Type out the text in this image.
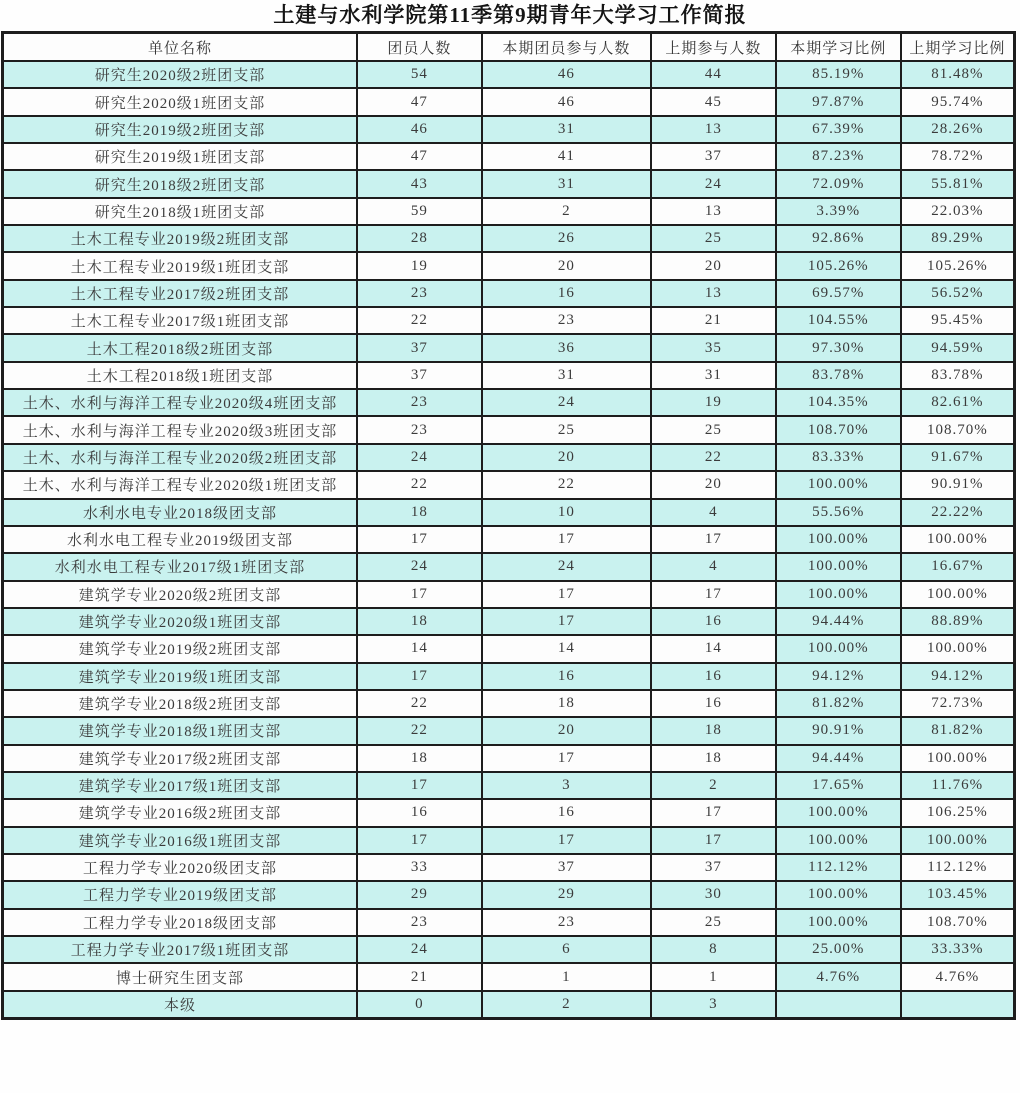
土建与水利学院第11季第9期青年大学习工作简报
单位名称	团员人数	本期团员参与人数	上期参与人数	本期学习比例	上期学习比例
研究生2020级2班团支部	54	46	44	85.19%	81.48%
研究生2020级1班团支部	47	46	45	97.87%	95.74%
研究生2019级2班团支部	46	31	13	67.39%	28.26%
研究生2019级1班团支部	47	41	37	87.23%	78.72%
研究生2018级2班团支部	43	31	24	72.09%	55.81%
研究生2018级1班团支部	59	2	13	3.39%	22.03%
土木工程专业2019级2班团支部	28	26	25	92.86%	89.29%
土木工程专业2019级1班团支部	19	20	20	105.26%	105.26%
土木工程专业2017级2班团支部	23	16	13	69.57%	56.52%
土木工程专业2017级1班团支部	22	23	21	104.55%	95.45%
土木工程2018级2班团支部	37	36	35	97.30%	94.59%
土木工程2018级1班团支部	37	31	31	83.78%	83.78%
土木、水利与海洋工程专业2020级4班团支部	23	24	19	104.35%	82.61%
土木、水利与海洋工程专业2020级3班团支部	23	25	25	108.70%	108.70%
土木、水利与海洋工程专业2020级2班团支部	24	20	22	83.33%	91.67%
土木、水利与海洋工程专业2020级1班团支部	22	22	20	100.00%	90.91%
水利水电专业2018级团支部	18	10	4	55.56%	22.22%
水利水电工程专业2019级团支部	17	17	17	100.00%	100.00%
水利水电工程专业2017级1班团支部	24	24	4	100.00%	16.67%
建筑学专业2020级2班团支部	17	17	17	100.00%	100.00%
建筑学专业2020级1班团支部	18	17	16	94.44%	88.89%
建筑学专业2019级2班团支部	14	14	14	100.00%	100.00%
建筑学专业2019级1班团支部	17	16	16	94.12%	94.12%
建筑学专业2018级2班团支部	22	18	16	81.82%	72.73%
建筑学专业2018级1班团支部	22	20	18	90.91%	81.82%
建筑学专业2017级2班团支部	18	17	18	94.44%	100.00%
建筑学专业2017级1班团支部	17	3	2	17.65%	11.76%
建筑学专业2016级2班团支部	16	16	17	100.00%	106.25%
建筑学专业2016级1班团支部	17	17	17	100.00%	100.00%
工程力学专业2020级团支部	33	37	37	112.12%	112.12%
工程力学专业2019级团支部	29	29	30	100.00%	103.45%
工程力学专业2018级团支部	23	23	25	100.00%	108.70%
工程力学专业2017级1班团支部	24	6	8	25.00%	33.33%
博士研究生团支部	21	1	1	4.76%	4.76%
本级	0	2	3		
